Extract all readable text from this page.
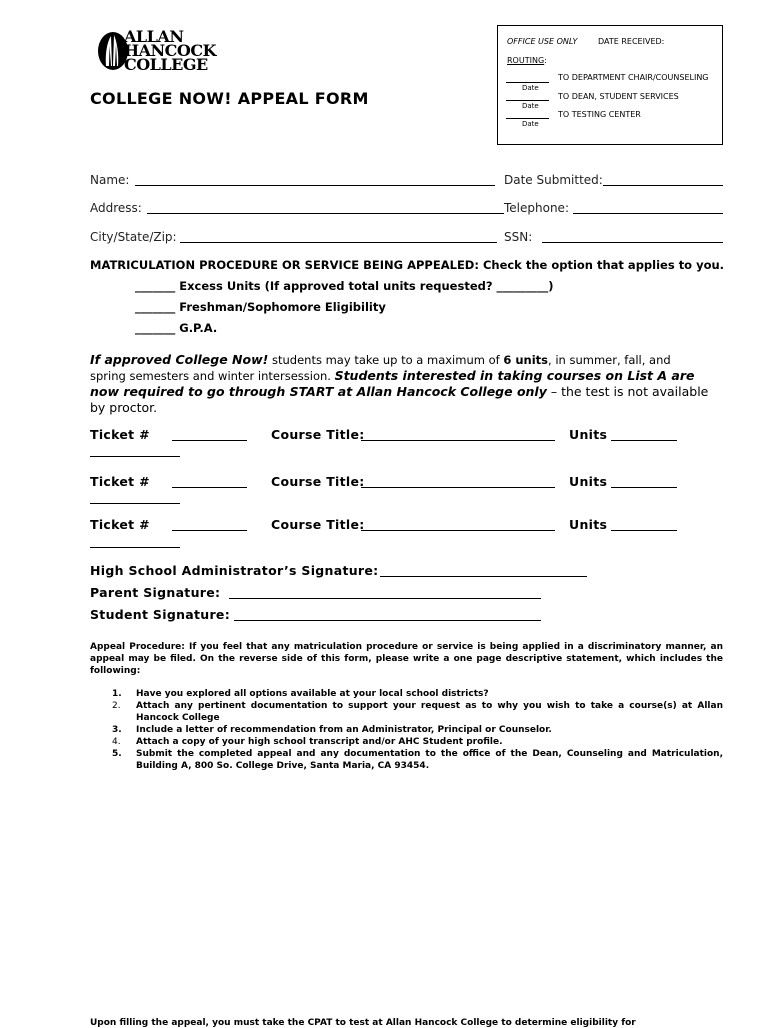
ALLAN
HANCOCK
COLLEGE
COLLEGE NOW! APPEAL FORM
OFFICE USE ONLY	DATE RECEIVED:
ROUTING:
TO DEPARTMENT CHAIR/COUNSELING
Date
TO DEAN, STUDENT SERVICES
Date
TO TESTING CENTER
Date
Name:	Date Submitted:
Address:	Telephone:
City/State/Zip:	SSN:
MATRICULATION PROCEDURE OR SERVICE BEING APPEALED: Check the option that applies to you.
_______ Excess Units (If approved total units requested? _________)
_______ Freshman/Sophomore Eligibility
_______ G.P.A.
If approved College Now! students may take up to a maximum of 6 units, in summer, fall, and spring semesters and winter intersession. Students interested in taking courses on List A are now required to go through START at Allan Hancock College only – the test is not available by proctor.
Ticket #	Course Title:	Units
Ticket #	Course Title:	Units
Ticket #	Course Title:	Units
High School Administrator’s Signature:
Parent Signature:
Student Signature:
Appeal Procedure: If you feel that any matriculation procedure or service is being applied in a discriminatory manner, an appeal may be filed. On the reverse side of this form, please write a one page descriptive statement, which includes the following:
1. Have you explored all options available at your local school districts?
2. Attach any pertinent documentation to support your request as to why you wish to take a course(s) at Allan Hancock College
3. Include a letter of recommendation from an Administrator, Principal or Counselor.
4. Attach a copy of your high school transcript and/or AHC Student profile.
5. Submit the completed appeal and any documentation to the office of the Dean, Counseling and Matriculation, Building A, 800 So. College Drive, Santa Maria, CA 93454.
Upon filling the appeal, you must take the CPAT to test at Allan Hancock College to determine eligibility for
